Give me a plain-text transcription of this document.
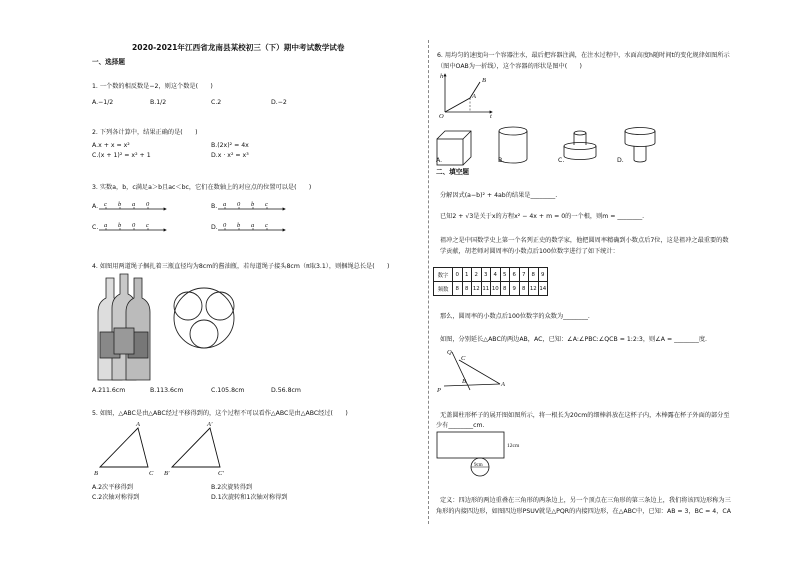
2020-2021年江西省龙南县某校初三（下）期中考试数学试卷
一、选择题
1. 一个数的相反数是−2，则这个数是(　　)
A.−1/2	B.1/2	C.2	D.−2
2. 下列各计算中，结果正确的是(　　)
A.x + x = x²	B.(2x)² = 4x
C.(x + 1)² = x² + 1	D.x · x² = x³
3. 实数a，b，c满足a＞b且ac＜bc，它们在数轴上的对应点的位置可以是(　　)
A.	B.
C.	D.
c b a 0	a 0 b c
a b 0 c	0 b a c
4. 如图用两道绳子捆扎着三瓶直径均为8cm的酱油瓶，若每道绳子接头8cm（π取3.1），则捆绳总长是(　　)
A.211.6cm	B.113.6cm	C.105.8cm	D.56.8cm
5. 如图，△ABC是由△ABC经过平移得到的，这个过程不可以看作△ABC是由△ABC经过(　　)
A
B	C
A'
B'	C'
A.2次平移得到	B.2次旋转得到
C.2次轴对称得到	D.1次旋转和1次轴对称得到
6. 用均匀的速度向一个容器注水，最后把容器注满，在注水过程中，水面高度h随时间t的变化规律如图所示
（图中OAB为一折线），这个容器的形状是图中(　　)
h
B
A
O	t
A.	B.	C.	D.
二、填空题
分解因式(a−b)² + 4ab的结果是________.
已知2 + √3是关于x的方程x² − 4x + m = 0的一个根，则m = ________.
祖冲之是中国数学史上第一个名列正史的数学家，他把圆周率精确到小数点后7位，这是祖冲之最重要的数
学贡献，胡老师对圆周率的小数点后100位数字进行了如下统计：
数字	0	1	2	3	4	5	6	7	8	9
频数	8	8	12	11	10	8	9	8	12	14
那么，圆周率的小数点后100位数字的众数为________.
如图，分别延长△ABC的两边AB，AC，已知：∠A:∠PBC:∠QCB = 1:2:3，则∠A = ________度.
Q
C
B	A
P
无盖圆柱形杯子的展开图如图所示，将一根长为20cm的细棒斜放在这杯子内，木棒露在杯子外面的部分至
少有________cm.
12cm
9cm
定义：四边形的两边重叠在三角形的两条边上，另一个顶点在三角形的第三条边上，我们将该四边形称为三
角形的内接四边形，如图四边形PSUV就是△PQR的内接四边形，在△ABC中，已知：AB = 3，BC = 4，CA
